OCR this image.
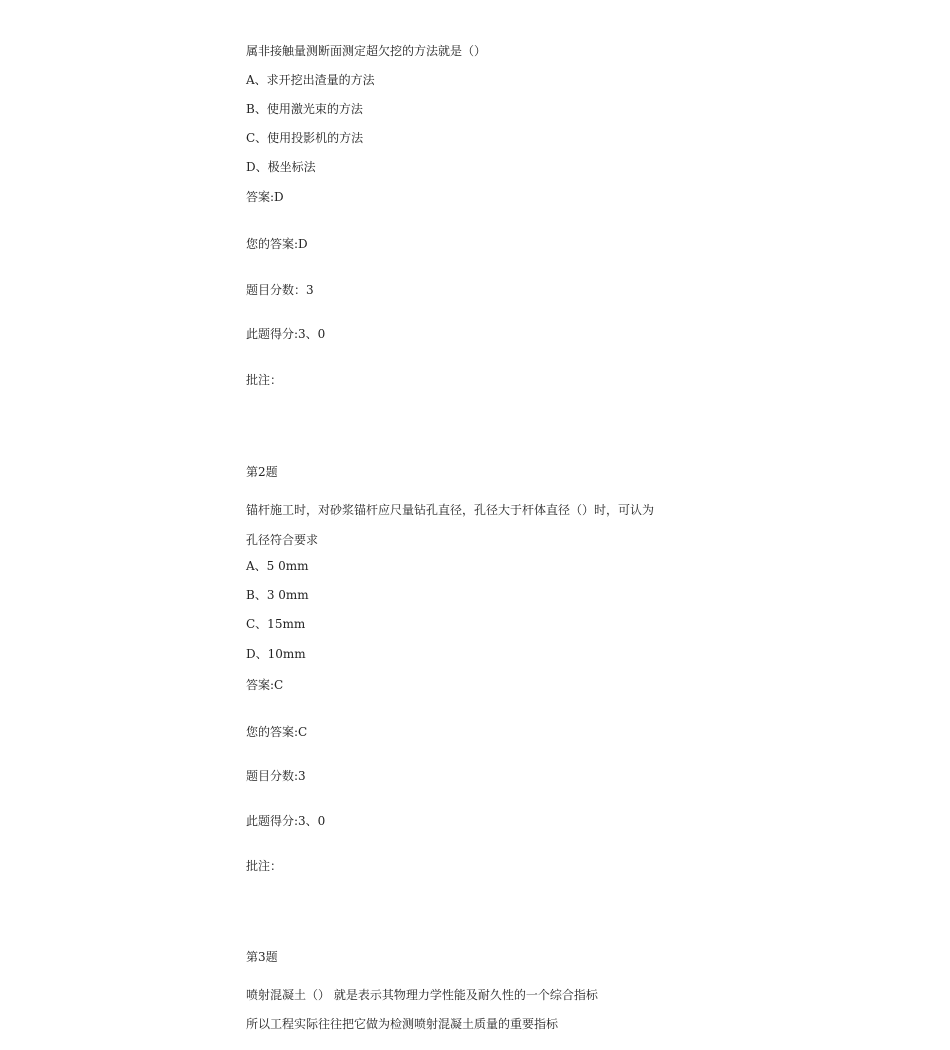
属非接触量测断面测定超欠挖的方法就是（）
A、求开挖出渣量的方法
B、使用激光束的方法
C、使用投影机的方法
D、极坐标法
答案:D
您的答案:D
题目分数：3
此题得分:3、0
批注：
第2题
锚杆施工时，对砂浆锚杆应尺量钻孔直径，孔径大于杆体直径（）时，可认为
孔径符合要求
A、5 0mm
B、3 0mm
C、15mm
D、10mm
答案:C
您的答案:C
题目分数:3
此题得分:3、0
批注：
第3题
喷射混凝土（） 就是表示其物理力学性能及耐久性的一个综合指标
所以工程实际往往把它做为检测喷射混凝土质量的重要指标
